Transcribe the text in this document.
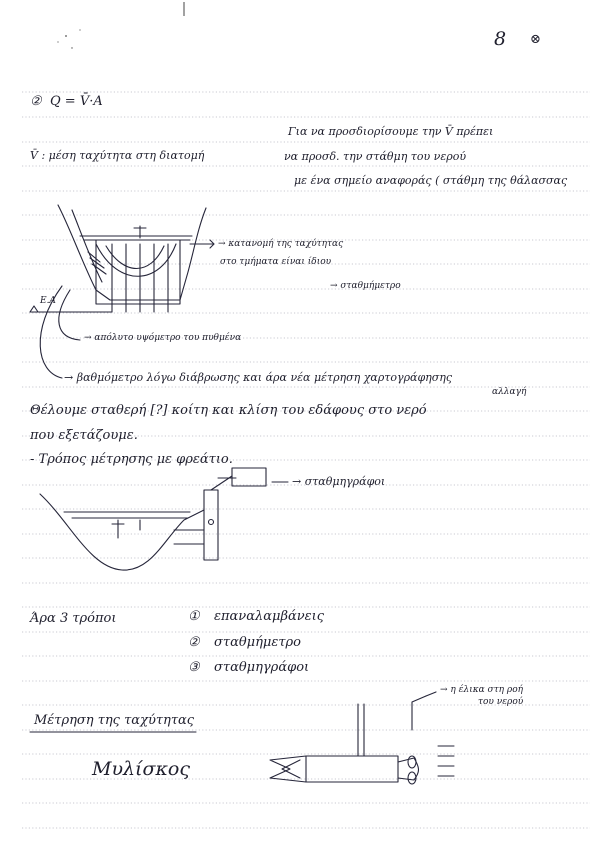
8 ⊗
② Q = V̄·A
V̄ : μέση ταχύτητα στη διατομή
Για να προσδιορίσουμε την V̄ πρέπει
να προσδ. την στάθμη του νερού
με ένα σημείο αναφοράς ( στάθμη της θάλασσας
→ κατανομή της ταχύτητας
στο τμήματα είναι ίδιου
→ σταθμήμετρο
E.A
→ απόλυτο υψόμετρο του πυθμένα
→ βαθμόμετρο λόγω διάβρωσης και άρα νέα μέτρηση χαρτογράφησης
αλλαγή
Θέλουμε σταθερή [?] κοίτη και κλίση του εδάφους στο νερό
που εξετάζουμε.
- Τρόπος μέτρησης με φρεάτιο.
→ σταθμηγράφοι
Άρα 3 τρόποι	① επαναλαμβάνεις
② σταθμήμετρο
③ σταθμηγράφοι
Μέτρηση της ταχύτητας
Μυλίσκος
→ η έλικα στη ροή
του νερού
